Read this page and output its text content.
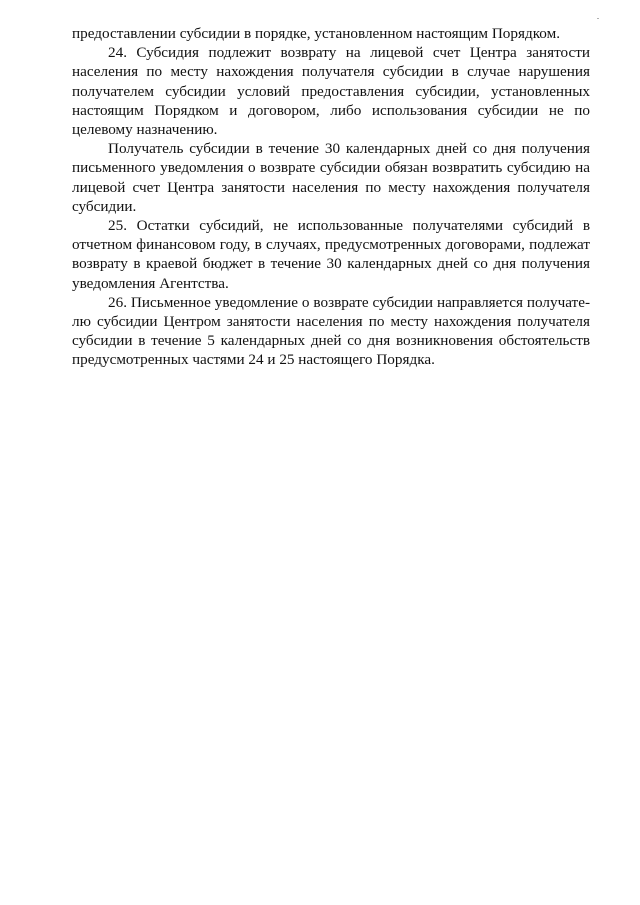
предоставлении субсидии в порядке, установленном настоящим Порядком.

24. Субсидия подлежит возврату на лицевой счет Центра занятости населения по месту нахождения получателя субсидии в случае нарушения получателем субсидии условий предоставления субсидии, установленных настоящим Порядком и договором, либо использования субсидии не по целевому назначению.

Получатель субсидии в течение 30 календарных дней со дня получения письменного уведомления о возврате субсидии обязан возвратить субсидию на лицевой счет Центра занятости населения по месту нахождения получателя субсидии.

25. Остатки субсидий, не использованные получателями субсидий в отчетном финансовом году, в случаях, предусмотренных договорами, подлежат возврату в краевой бюджет в течение 30 календарных дней со дня получения уведомления Агентства.

26. Письменное уведомление о возврате субсидии направляется получателю субсидии Центром занятости населения по месту нахождения получателя субсидии в течение 5 календарных дней со дня возникновения обстоятельств предусмотренных частями 24 и 25 настоящего Порядка.
